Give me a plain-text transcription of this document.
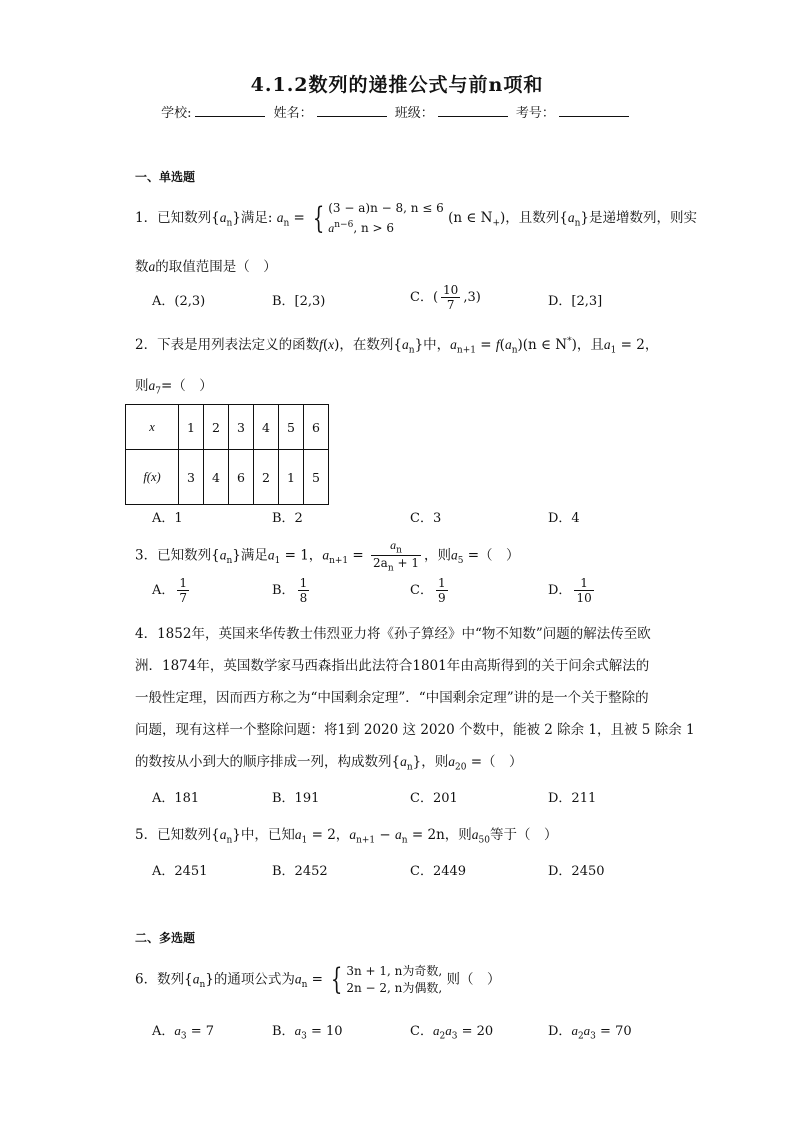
4.1.2数列的递推公式与前n项和
学校:	姓名：	班级：	考号：
一、单选题
1．已知数列$\{a_n\}$满足: $a_n$ = { (3 − a)n − 8, n ≤ 6
$a^{n-6}$, n > 6 (n ∈ $N_+$)，且数列$\{a_n\}$是递增数列，则实
数a的取值范围是（　）
A．(2,3)	B．[2,3)	C．( $\frac{10}{7} ,3$)	D．[2,3]
2．下表是用列表法定义的函数f(x)，在数列$\{a_n\}$中，$a_{n+1} = f(a_n)(n$ ∈ N*)，且$a_1 = 2$，
则$a_7=$（　）
x	1	2	3	4	5	6
f(x)	3	4	6	2	1	5
A．1	B．2	C．3	D．4
3．已知数列$\{a_n\}$满足$a_1 = 1$，$a_{n+1} = \frac{a_n}{2a_n + 1}$ ，则$a_5$ =（　）
A． $\frac{1}{7}$	B． $\frac{1}{8}$	C． $\frac{1}{9}$	D． $\frac{1}{10}$
4．1852年，英国来华传教士伟烈亚力将《孙子算经》中“物不知数”问题的解法传至欧
洲．1874年，英国数学家马西森指出此法符合1801年由高斯得到的关于问余式解法的
一般性定理，因而西方称之为“中国剩余定理”．“中国剩余定理”讲的是一个关于整除的
问题，现有这样一个整除问题：将1到 2020 这 2020 个数中，能被 2 除余 1，且被 5 除余 1
的数按从小到大的顺序排成一列，构成数列$\{a_n\}$，则$a_{20}$ =（　）
A．181	B．191	C．201	D．211
5．已知数列$\{a_n\}$中，已知$a_1 = 2$，$a_{n+1} - a_n = 2n$，则$a_{50}$等于（　）
A．2451	B．2452	C．2449	D．2450
二、多选题
6．数列$\{a_n\}$的通项公式为$a_n$ = { 3n + 1, n为奇数,
2n − 2, n为偶数, 则（　）
A．$a_3 = 7$	B．$a_3 = 10$	C．$a_2a_3 = 20$	D．$a_2a_3 = 70$
